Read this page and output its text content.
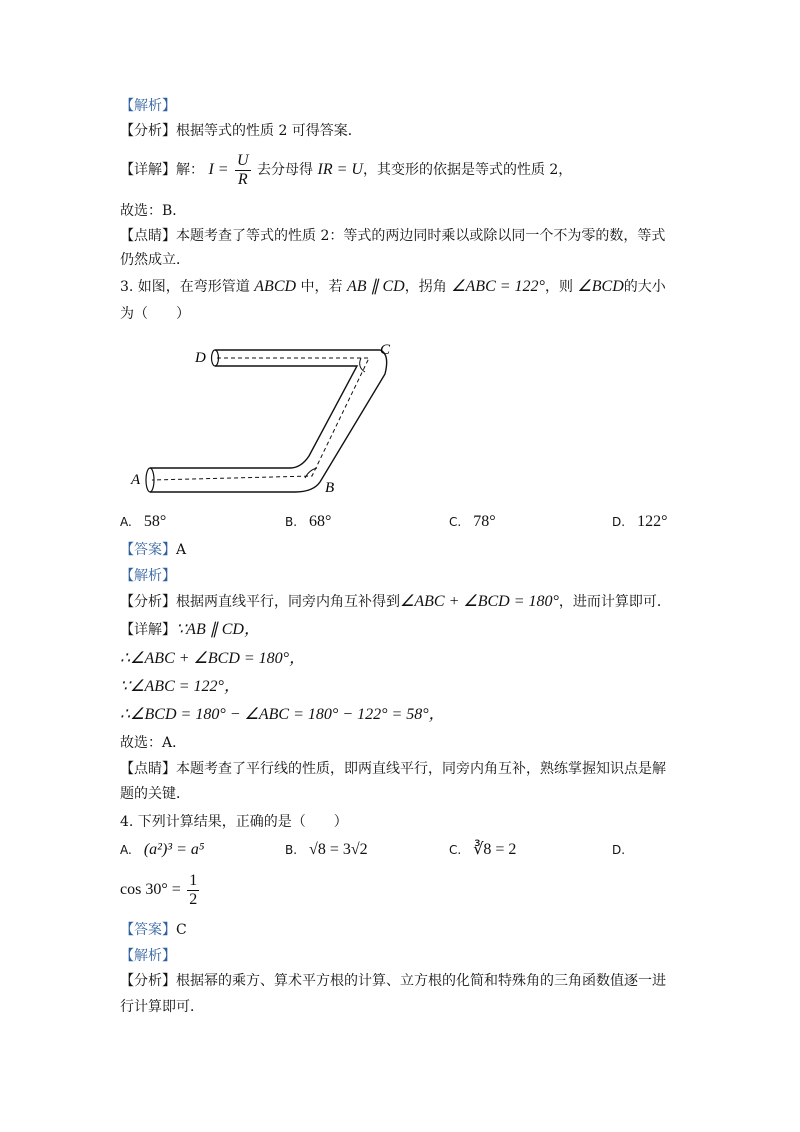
【解析】
【分析】根据等式的性质 2 可得答案．
【详解】解： $I = \frac{U}{R}$ 去分母得 IR = U，其变形的依据是等式的性质 2，
故选：B．
【点睛】本题考查了等式的性质 2：等式的两边同时乘以或除以同一个不为零的数，等式
仍然成立．
3. 如图，在弯形管道 ABCD 中，若 AB ∥ CD，拐角 ∠ABC = 122°，则 ∠BCD的大小
为（　　）
D	C
A	B
A. 58°	B. 68°	C. 78°	D. 122°
【答案】A
【解析】
【分析】根据两直线平行，同旁内角互补得到∠ABC + ∠BCD = 180°，进而计算即可．
【详解】∵AB ∥ CD，
∴∠ABC + ∠BCD = 180°，
∵∠ABC = 122°，
∴∠BCD = 180° − ∠ABC = 180° − 122° = 58°，
故选：A．
【点睛】本题考查了平行线的性质，即两直线平行，同旁内角互补，熟练掌握知识点是解
题的关键．
4. 下列计算结果，正确的是（　　）
A. (a²)³ = a⁵	B. √8 = 3√2	C. ∛8 = 2	D.
$\cos 30^\circ = \frac{1}{2}$
【答案】C
【解析】
【分析】根据幂的乘方、算术平方根的计算、立方根的化简和特殊角的三角函数值逐一进
行计算即可．
